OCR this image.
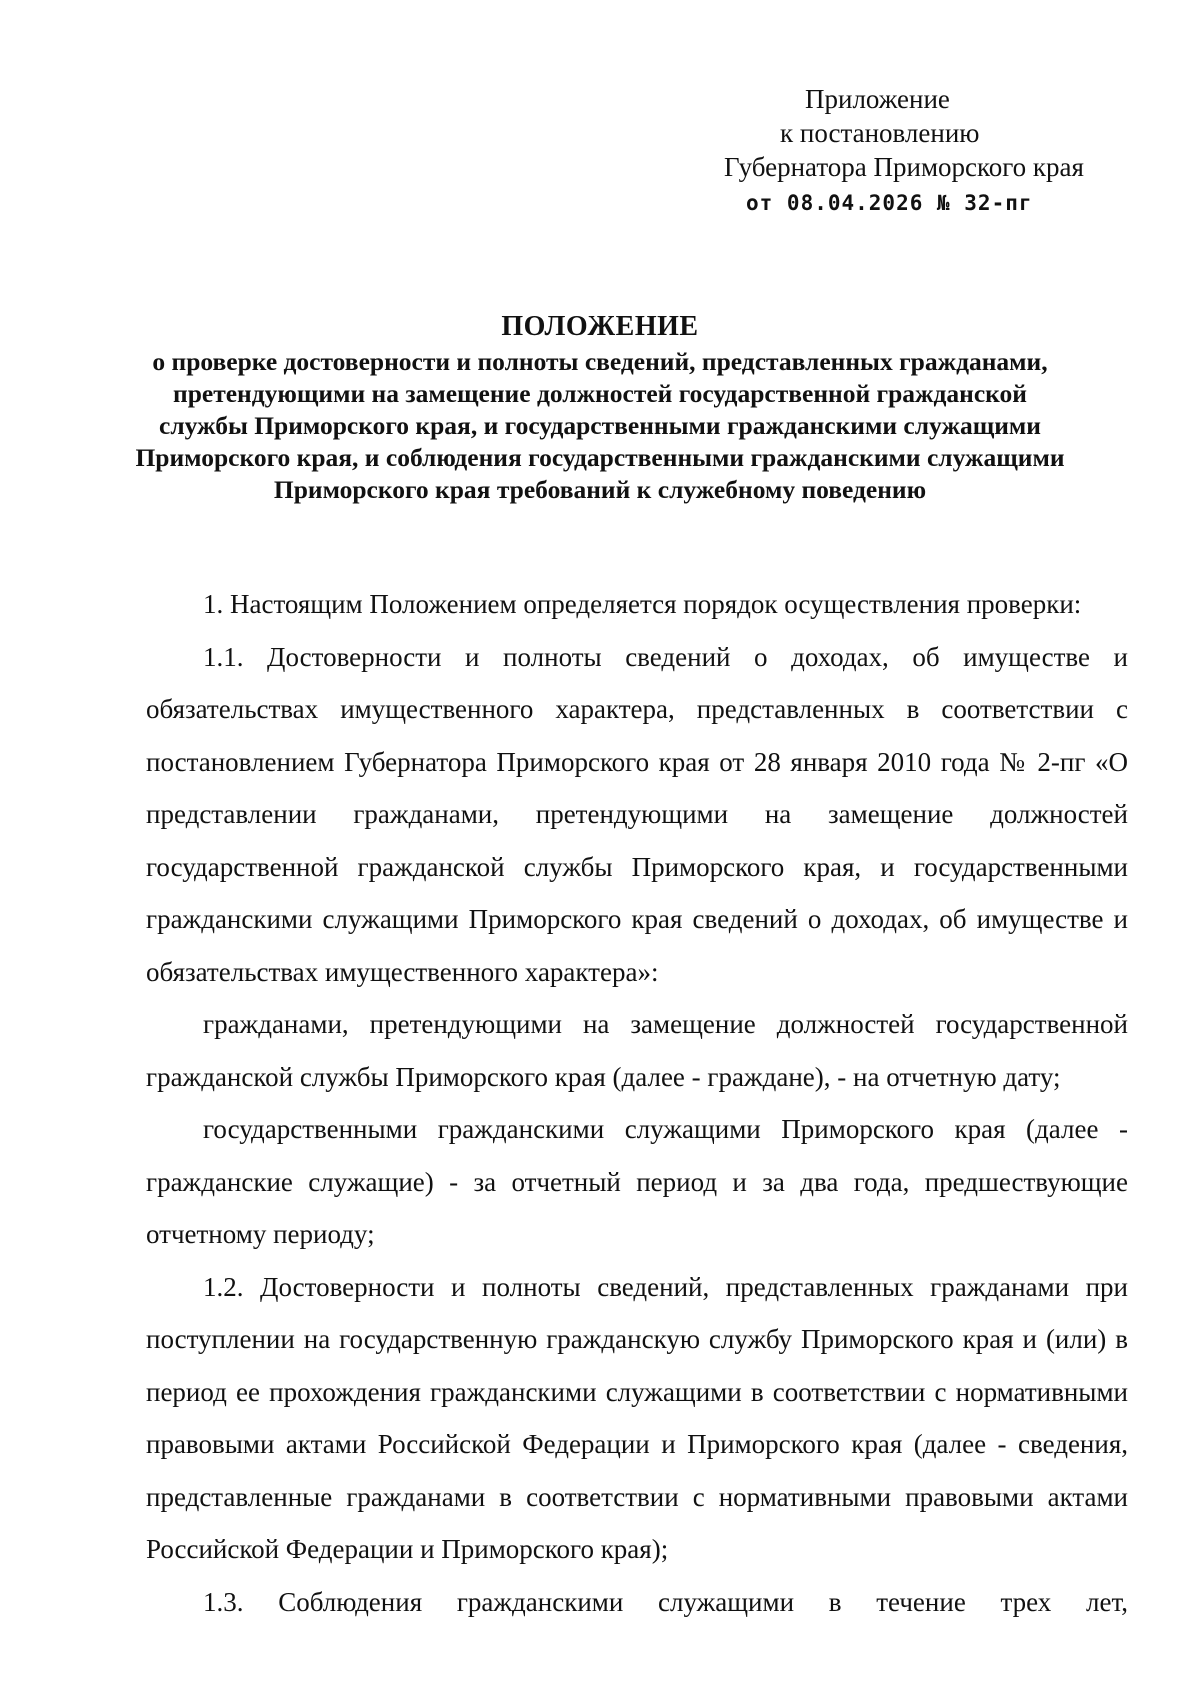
Приложение
к постановлению
Губернатора Приморского края
от 08.04.2026 № 32-пг
ПОЛОЖЕНИЕ
о проверке достоверности и полноты сведений, представленных гражданами, претендующими на замещение должностей государственной гражданской службы Приморского края, и государственными гражданскими служащими Приморского края, и соблюдения государственными гражданскими служащими Приморского края требований к служебному поведению

1. Настоящим Положением определяется порядок осуществления проверки:

1.1. Достоверности и полноты сведений о доходах, об имуществе и обязательствах имущественного характера, представленных в соответствии с постановлением Губернатора Приморского края от 28 января 2010 года № 2-пг «О представлении гражданами, претендующими на замещение должностей государственной гражданской службы Приморского края, и государственными гражданскими служащими Приморского края сведений о доходах, об имуществе и обязательствах имущественного характера»:

гражданами, претендующими на замещение должностей государственной гражданской службы Приморского края (далее - граждане), - на отчетную дату;

государственными гражданскими служащими Приморского края (далее - гражданские служащие) - за отчетный период и за два года, предшествующие отчетному периоду;

1.2. Достоверности и полноты сведений, представленных гражданами при поступлении на государственную гражданскую службу Приморского края и (или) в период ее прохождения гражданскими служащими в соответствии с нормативными правовыми актами Российской Федерации и Приморского края (далее - сведения, представленные гражданами в соответствии с нормативными правовыми актами Российской Федерации и Приморского края);

1.3. Соблюдения гражданскими служащими в течение трех лет,
